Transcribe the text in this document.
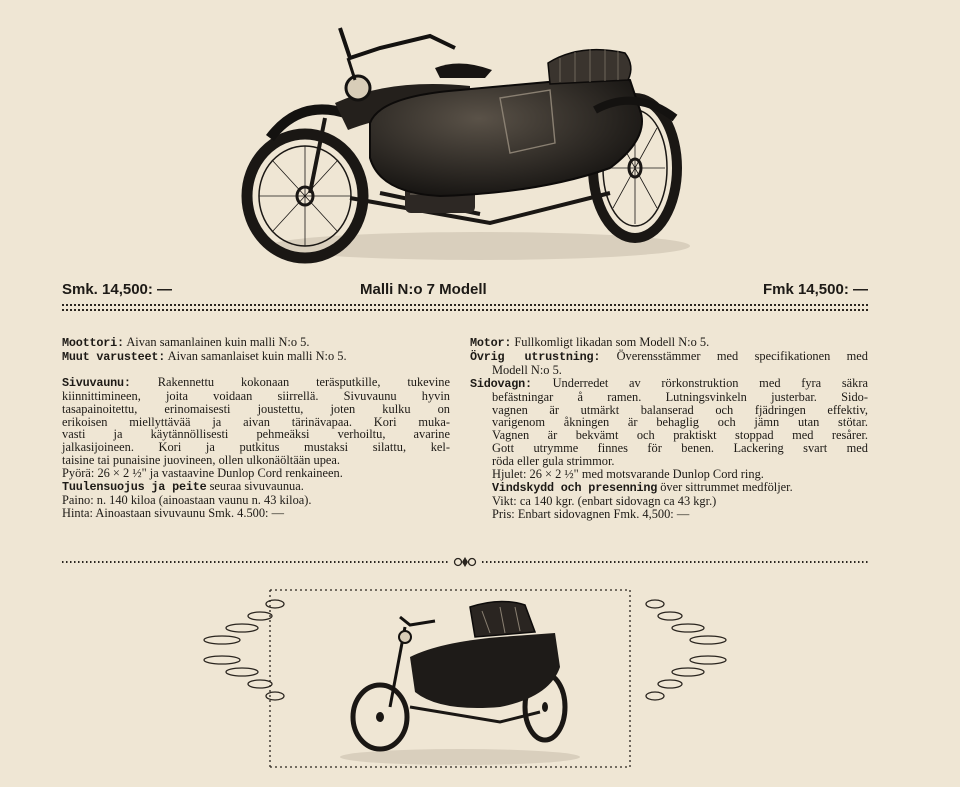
Smk. 14,500: —	Malli N:o 7 Modell	Fmk 14,500: —

Moottori: Aivan samanlainen kuin malli N:o 5.

Muut varusteet: Aivan samanlaiset kuin malli N:o 5.

Sivuvaunu: Rakennettu kokonaan teräsputkille, tukevine

kiinnittimineen, joita voidaan siirrellä. Sivuvaunu hyvin

tasapainoitettu, erinomaisesti joustettu, joten kulku on

erikoisen miellyttävää ja aivan tärinävapaa. Kori muka-

vasti ja käytännöllisesti pehmeäksi verhoiltu, avarine

jalkasijoineen. Kori ja putkitus mustaksi silattu, kel-

taisine tai punaisine juovineen, ollen ulkonäöltään upea.

Pyörä: 26 × 2 ½" ja vastaavine Dunlop Cord renkaineen.

Tuulensuojus ja peite seuraa sivuvaunua.

Paino: n. 140 kiloa (ainoastaan vaunu n. 43 kiloa).

Hinta: Ainoastaan sivuvaunu Smk. 4.500: —

Motor: Fullkomligt likadan som Modell N:o 5.

Övrig utrustning: Överensstämmer med specifikationen med

Modell N:o 5.

Sidovagn: Underredet av rörkonstruktion med fyra säkra

befästningar å ramen. Lutningsvinkeln justerbar. Sido-

vagnen är utmärkt balanserad och fjädringen effektiv,

varigenom åkningen är behaglig och jämn utan stötar.

Vagnen är bekvämt och praktiskt stoppad med resårer.

Gott utrymme finnes för benen. Lackering svart med

röda eller gula strimmor.

Hjulet: 26 × 2 ½" med motsvarande Dunlop Cord ring.

Vindskydd och presenning över sittrummet medföljer.

Vikt: ca 140 kgr. (enbart sidovagn ca 43 kgr.)

Pris: Enbart sidovagnen Fmk. 4,500: —
